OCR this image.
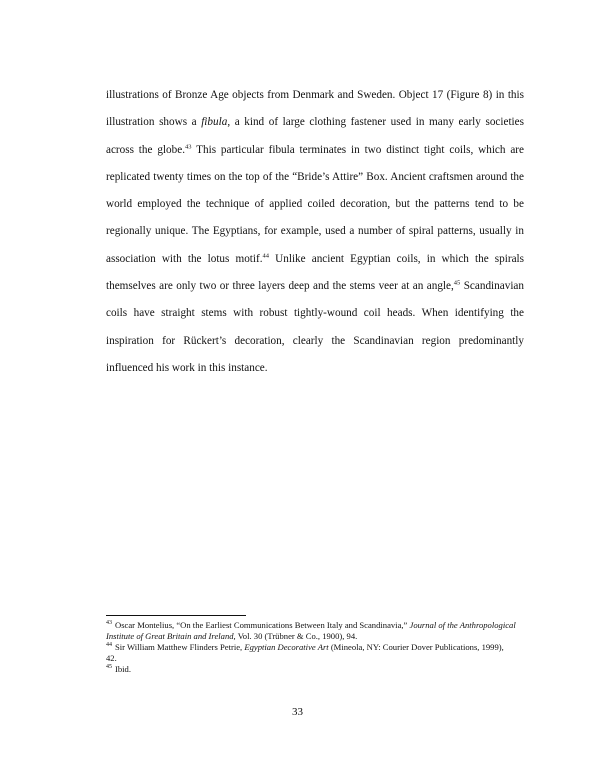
illustrations of Bronze Age objects from Denmark and Sweden. Object 17 (Figure 8) in this illustration shows a fibula, a kind of large clothing fastener used in many early societies across the globe.$^{43}$ This particular fibula terminates in two distinct tight coils, which are replicated twenty times on the top of the “Bride’s Attire” Box. Ancient craftsmen around the world employed the technique of applied coiled decoration, but the patterns tend to be regionally unique. The Egyptians, for example, used a number of spiral patterns, usually in association with the lotus motif.$^{44}$ Unlike ancient Egyptian coils, in which the spirals themselves are only two or three layers deep and the stems veer at an angle,$^{45}$ Scandinavian coils have straight stems with robust tightly-wound coil heads. When identifying the inspiration for Rückert’s decoration, clearly the Scandinavian region predominantly influenced his work in this instance.

$^{43}$ Oscar Montelius, “On the Earliest Communications Between Italy and Scandinavia,” Journal of the Anthropological Institute of Great Britain and Ireland, Vol. 30 (Trübner & Co., 1900), 94.

$^{44}$ Sir William Matthew Flinders Petrie, Egyptian Decorative Art (Mineola, NY: Courier Dover Publications, 1999), 42.

$^{45}$ Ibid.

33
